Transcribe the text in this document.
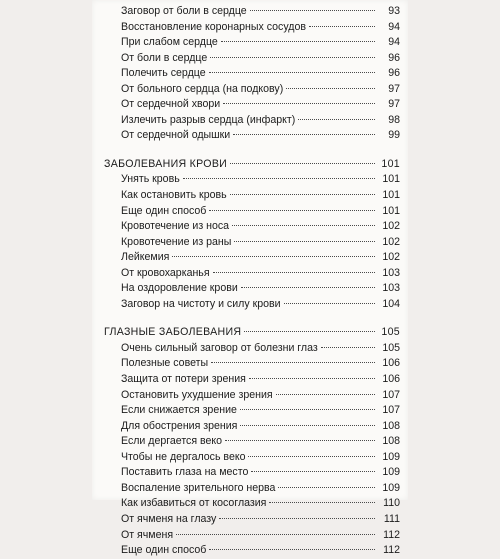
Заговор от боли в сердце	93
Восстановление коронарных сосудов	94
При слабом сердце	94
От боли в сердце	96
Полечить сердце	96
От больного сердца (на подкову)	97
От сердечной хвори	97
Излечить разрыв сердца (инфаркт)	98
От сердечной одышки	99
ЗАБОЛЕВАНИЯ КРОВИ	101
Унять кровь	101
Как остановить кровь	101
Еще один способ	101
Кровотечение из носа	102
Кровотечение из раны	102
Лейкемия	102
От кровохарканья	103
На оздоровление крови	103
Заговор на чистоту и силу крови	104
ГЛАЗНЫЕ ЗАБОЛЕВАНИЯ	105
Очень сильный заговор от болезни глаз	105
Полезные советы	106
Защита от потери зрения	106
Остановить ухудшение зрения	107
Если снижается зрение	107
Для обострения зрения	108
Если дергается веко	108
Чтобы не дергалось веко	109
Поставить глаза на место	109
Воспаление зрительного нерва	109
Как избавиться от косоглазия	110
От ячменя на глазу	111
От ячменя	112
Еще один способ	112
